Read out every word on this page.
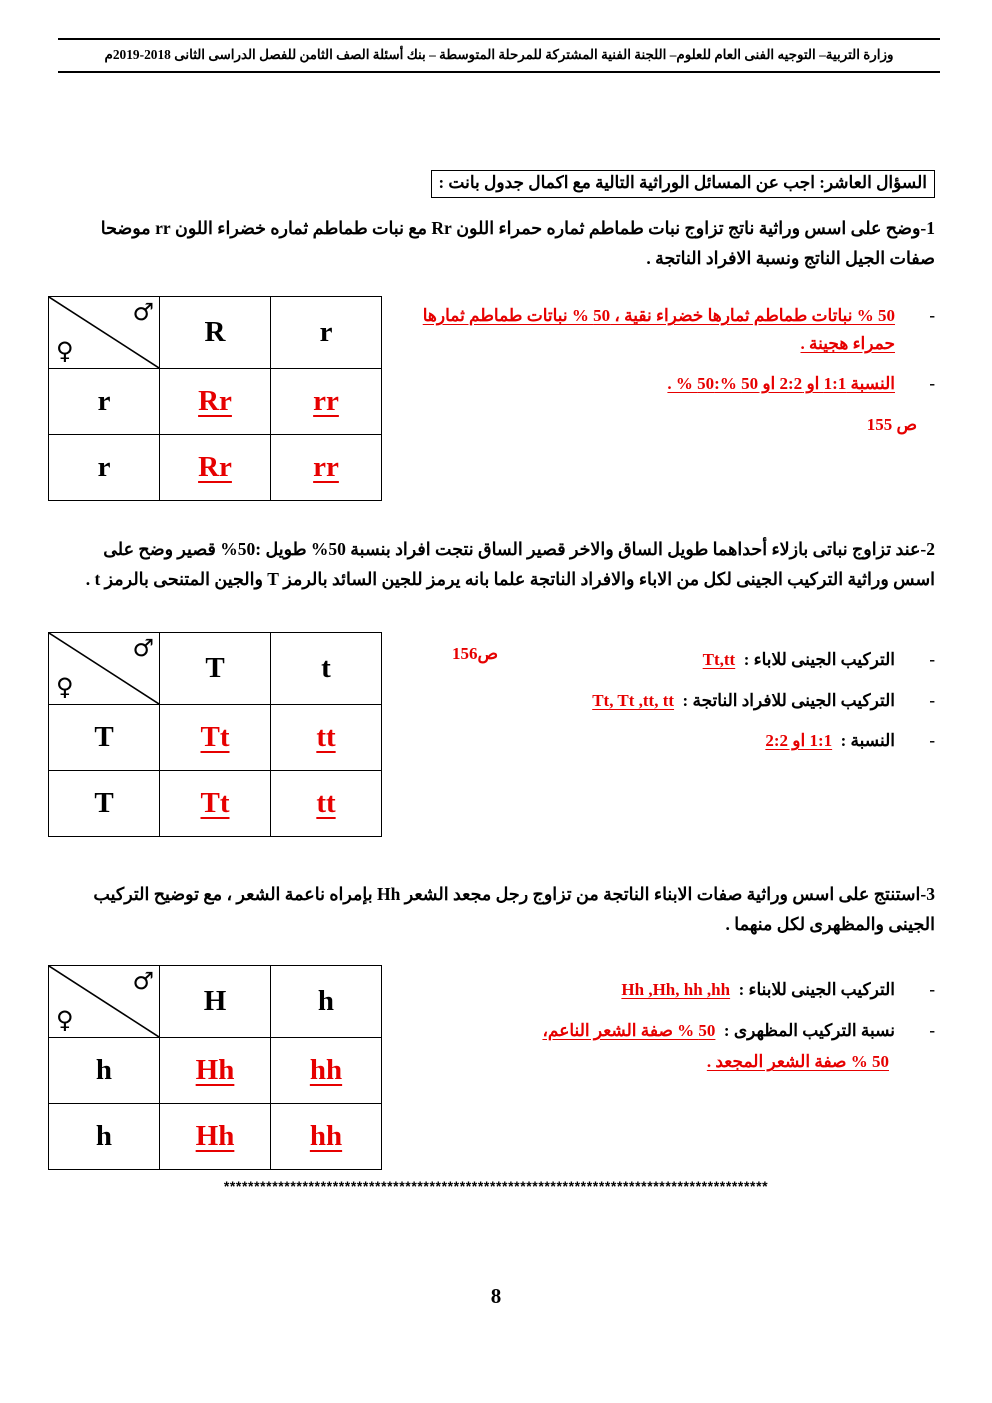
وزارة التربية– التوجيه الفنى العام للعلوم– اللجنة الفنية المشتركة للمرحلة المتوسطة – بنك أسئلة الصف الثامن للفصل الدراسى الثانى 2018-2019م
السؤال العاشر: اجب عن المسائل الوراثية التالية مع اكمال جدول بانت :

1-وضح على اسس وراثية ناتج تزاوج نبات طماطم ثماره حمراء اللون Rr مع نبات طماطم ثماره خضراء اللون rr موضحا صفات الجيل الناتج ونسبة الافراد الناتجة .

♀
♂	R	r
r	Rr	rr
r	Rr	rr
-
50 % نباتات طماطم ثمارها خضراء نقية ، 50 % نباتات طماطم ثمارها حمراء هجينة .
-
النسبة 1:1 او 2:2 او 50 %:50 % .
ص 155

2-عند تزاوج نباتى بازلاء أحداهما طويل الساق والاخر قصير الساق نتجت افراد بنسبة 50% طويل :50% قصير وضح على اسس وراثية التركيب الجينى لكل من الاباء والافراد الناتجة علما بانه يرمز للجين السائد بالرمز T والجين المتنحى بالرمز t .

♀
♂	T	t
T	Tt	tt
T	Tt	tt
-
التركيب الجينى للاباء :  Tt,tt
-
التركيب الجينى للافراد الناتجة :  Tt, Tt ,tt, tt
-
النسبة :  1:1 او 2:2
ص156

3-استنتج على اسس وراثية صفات الابناء الناتجة من تزاوج رجل مجعد الشعر Hh بإمراه ناعمة الشعر ، مع توضيح التركيب الجينى والمظهرى لكل منهما .

♀
♂	H	h
h	Hh	hh
h	Hh	hh
-
التركيب الجينى للابناء :  Hh ,Hh, hh ,hh
-
نسبة التركيب المظهرى :  50 % صفة الشعر الناعم،
50 % صفة الشعر المجعد .
******************************************************************************************
8
